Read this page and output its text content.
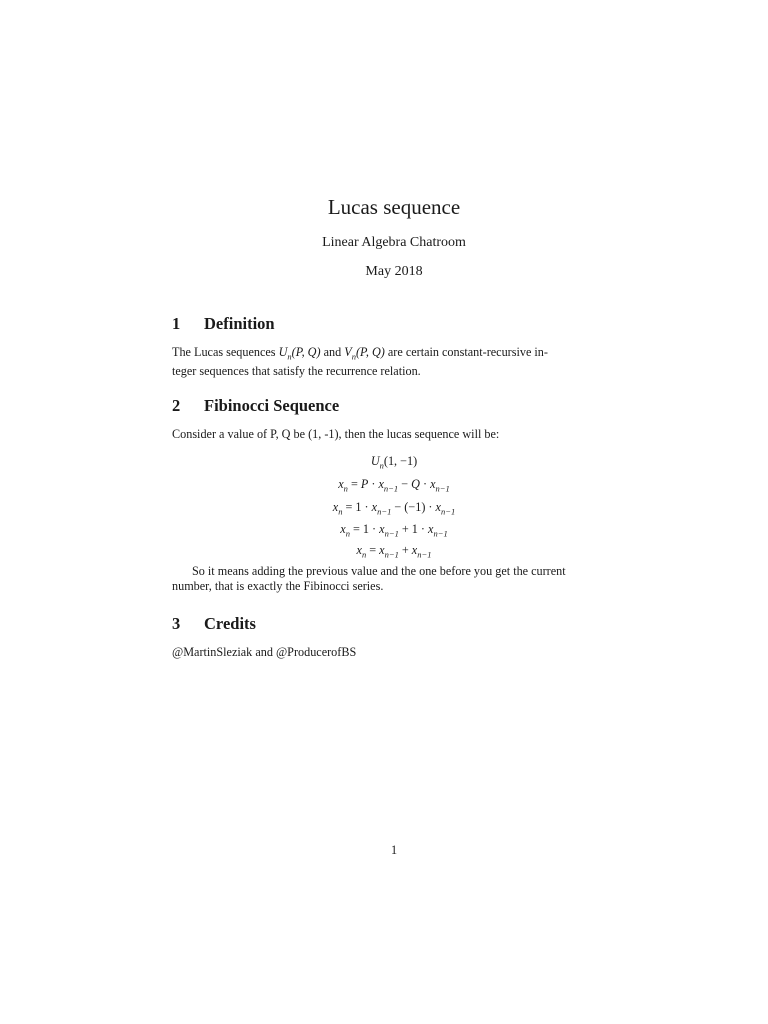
Lucas sequence
Linear Algebra Chatroom
May 2018
1 Definition
The Lucas sequences $U_n(P$, Q) and $V_n(P$, Q) are certain constant-recursive in-
teger sequences that satisfy the recurrence relation.
2 Fibinocci Sequence
Consider a value of P, Q be (1, -1), then the lucas sequence will be:
$U_n(1$, −1)
$x_n = P \cdot x_{n-1} - Q \cdot x_{n-1}$
$x_n = 1 \cdot x_{n-1} - (-1) \cdot x_{n-1}$
$x_n = 1 \cdot x_{n-1} + 1 \cdot x_{n-1}$
$x_n = x_{n-1} + x_{n-1}$
So it means adding the previous value and the one before you get the current
number, that is exactly the Fibinocci series.
3 Credits
@MartinSleziak and @ProducerofBS
1
